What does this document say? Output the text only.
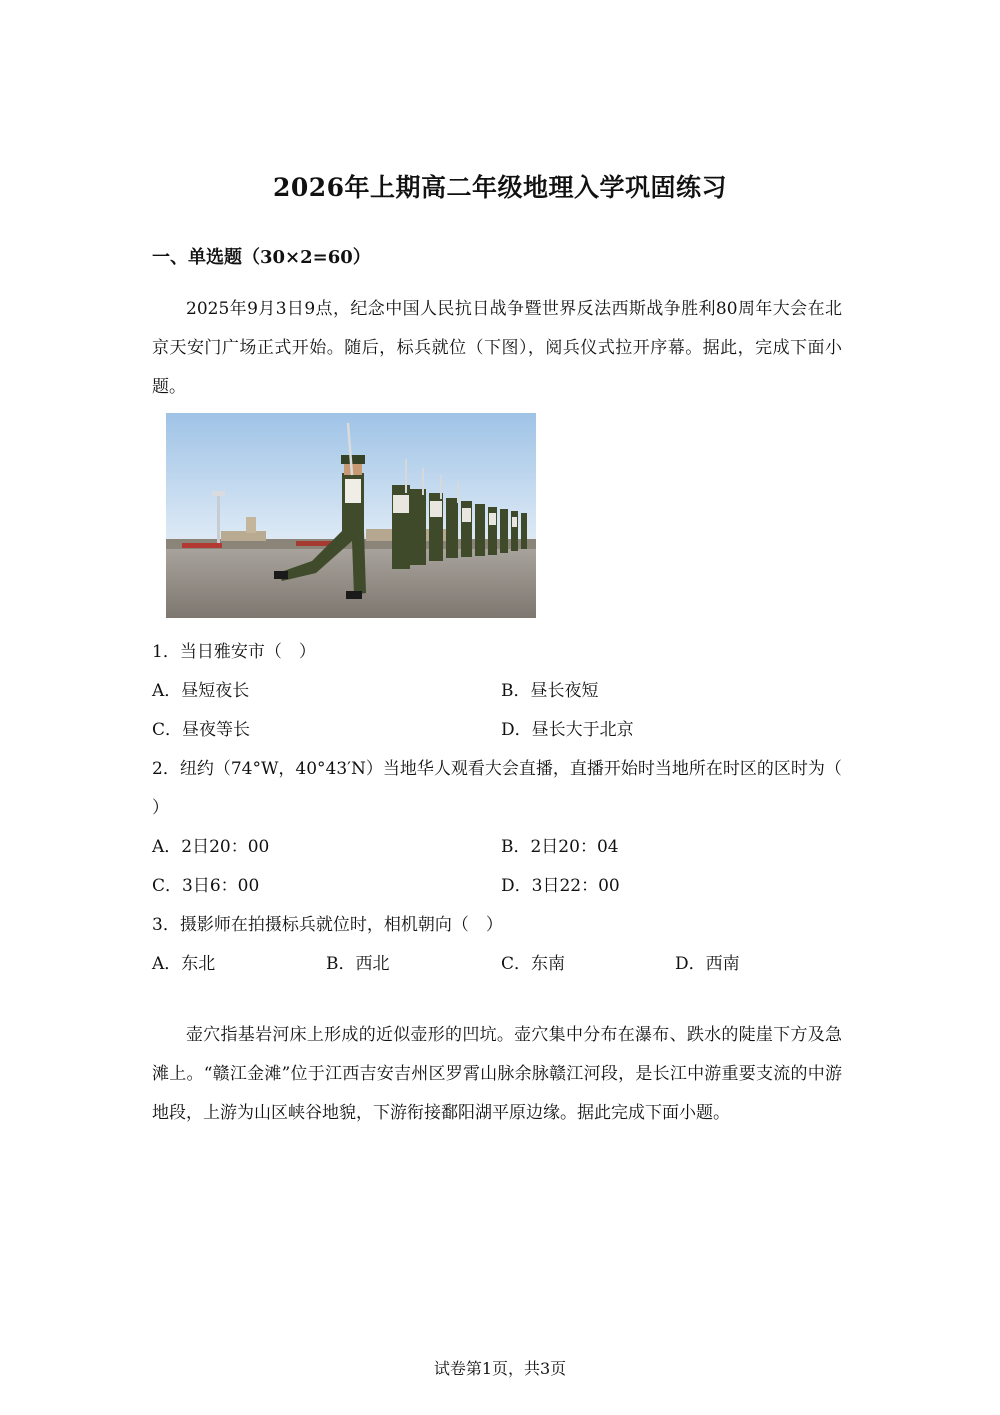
2026年上期高二年级地理入学巩固练习
一、单选题（30×2=60）
2025年9月3日9点，纪念中国人民抗日战争暨世界反法西斯战争胜利80周年大会在北京天安门广场正式开始。随后，标兵就位（下图），阅兵仪式拉开序幕。据此，完成下面小题。
1．当日雅安市（　）
A．昼短夜长	B．昼长夜短
C．昼夜等长	D．昼长大于北京
2．纽约（74°W，40°43′N）当地华人观看大会直播，直播开始时当地所在时区的区时为（
）
A．2日20：00	B．2日20：04
C．3日6：00	D．3日22：00
3．摄影师在拍摄标兵就位时，相机朝向（　）
A．东北	B．西北	C．东南	D．西南
壶穴指基岩河床上形成的近似壶形的凹坑。壶穴集中分布在瀑布、跌水的陡崖下方及急滩上。“赣江金滩”位于江西吉安吉州区罗霄山脉余脉赣江河段，是长江中游重要支流的中游地段，上游为山区峡谷地貌，下游衔接鄱阳湖平原边缘。据此完成下面小题。
试卷第1页，共3页
